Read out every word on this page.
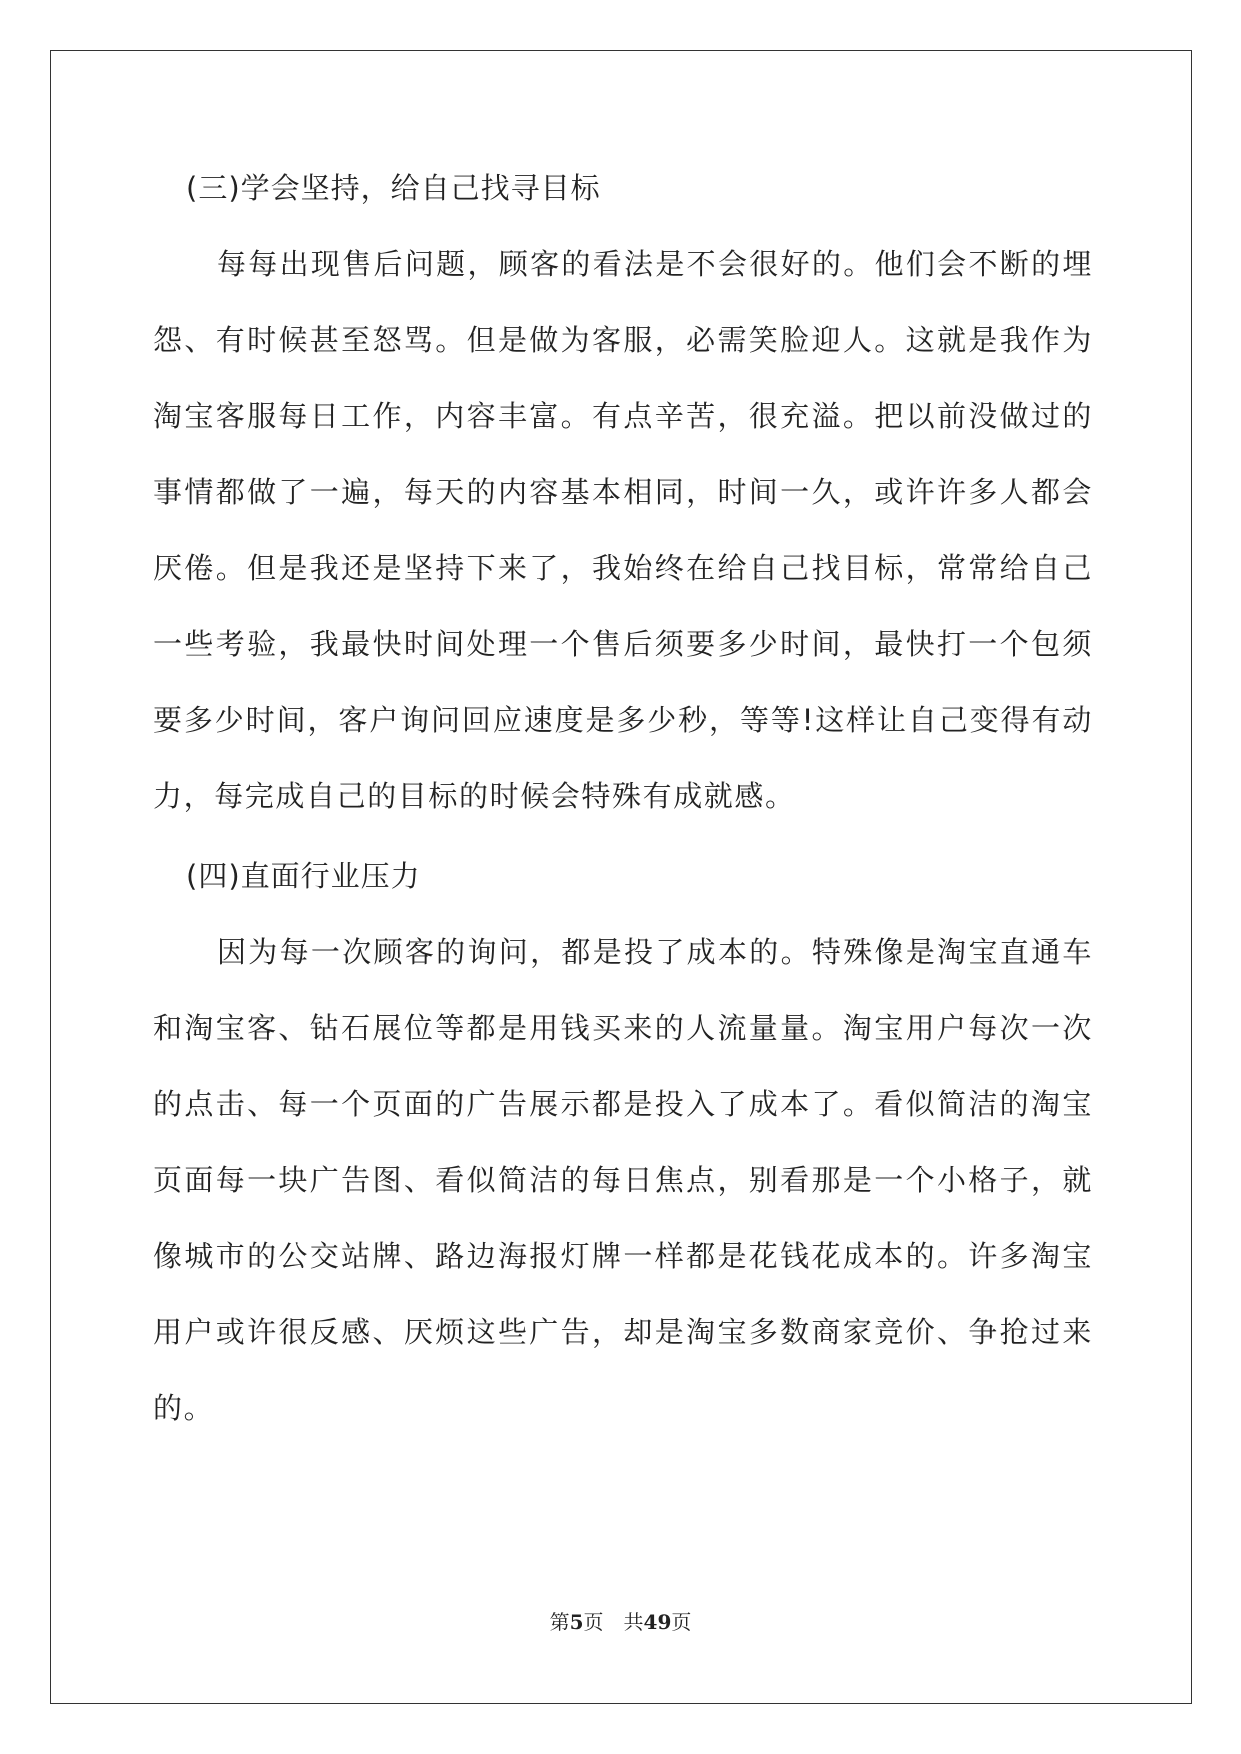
(三)学会坚持，给自己找寻目标

每每出现售后问题，顾客的看法是不会很好的。他们会不断的埋怨、有时候甚至怒骂。但是做为客服，必需笑脸迎人。这就是我作为淘宝客服每日工作，内容丰富。有点辛苦，很充溢。把以前没做过的事情都做了一遍，每天的内容基本相同，时间一久，或许许多人都会厌倦。但是我还是坚持下来了，我始终在给自己找目标，常常给自己一些考验，我最快时间处理一个售后须要多少时间，最快打一个包须要多少时间，客户询问回应速度是多少秒，等等!这样让自己变得有动力，每完成自己的目标的时候会特殊有成就感。

(四)直面行业压力

因为每一次顾客的询问，都是投了成本的。特殊像是淘宝直通车和淘宝客、钻石展位等都是用钱买来的人流量量。淘宝用户每次一次的点击、每一个页面的广告展示都是投入了成本了。看似简洁的淘宝页面每一块广告图、看似简洁的每日焦点，别看那是一个小格子，就像城市的公交站牌、路边海报灯牌一样都是花钱花成本的。许多淘宝用户或许很反感、厌烦这些广告，却是淘宝多数商家竞价、争抢过来的。

第5页 共49页
